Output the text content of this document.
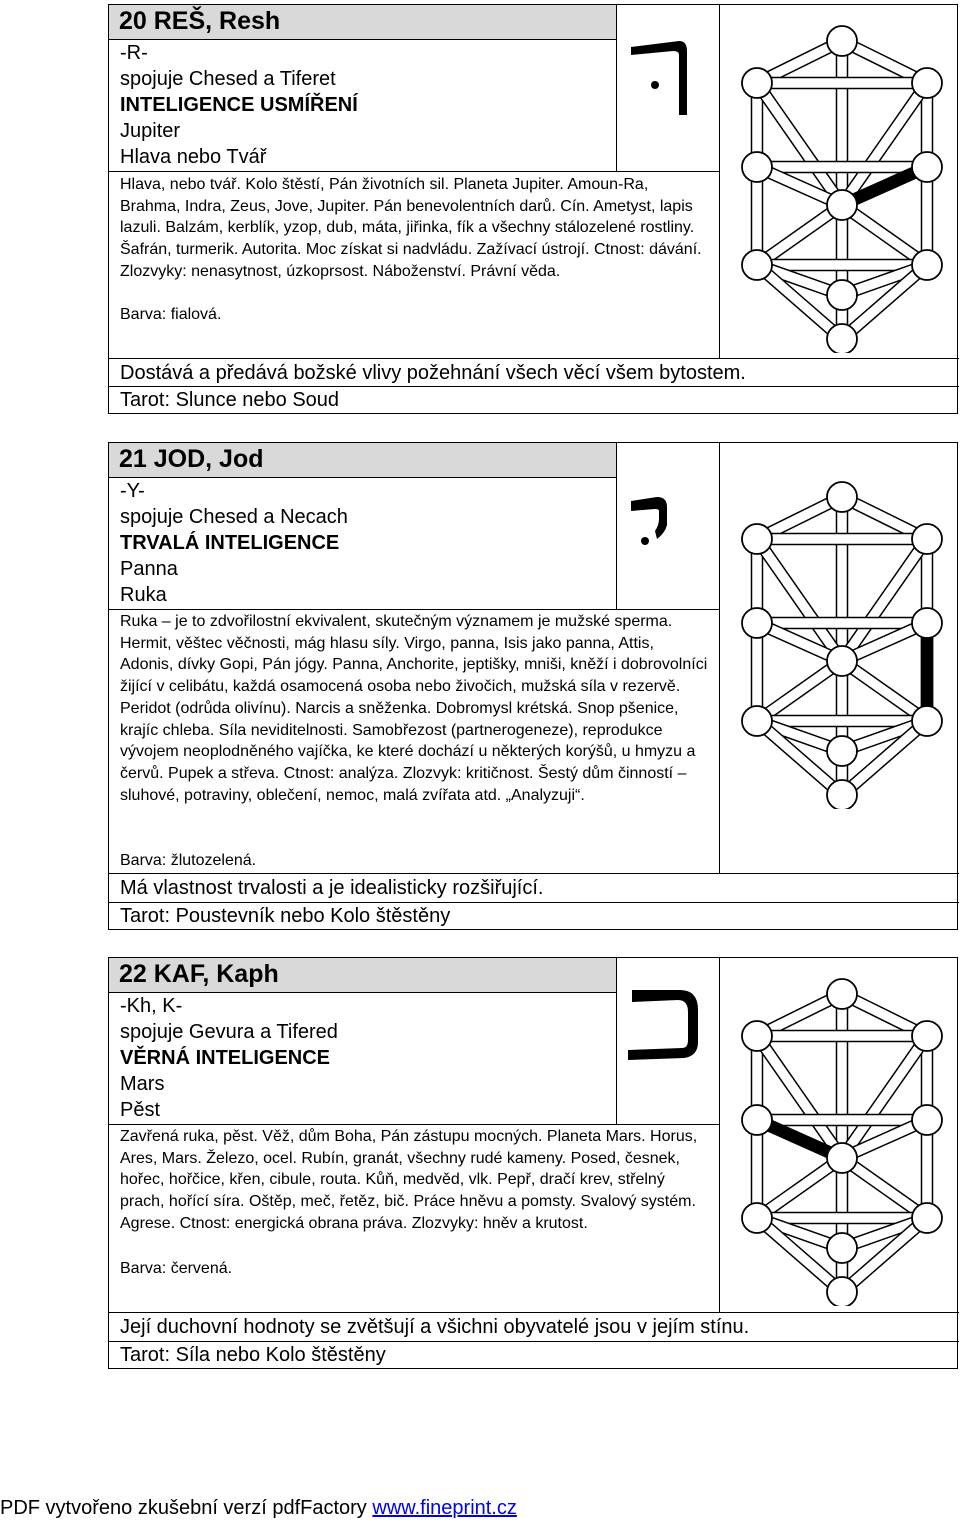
20 REŠ, Resh
-R-
spojuje Chesed a Tiferet
INTELIGENCE USMÍŘENÍ
Jupiter
Hlava nebo Tvář
Hlava, nebo tvář. Kolo štěstí, Pán životních sil. Planeta Jupiter. Amoun-Ra, Brahma, Indra, Zeus, Jove, Jupiter. Pán benevolentních darů. Cín. Ametyst, lapis lazuli. Balzám, kerblík, yzop, dub, máta, jiřinka, fík a všechny stálozelené rostliny. Šafrán, turmerik. Autorita. Moc získat si nadvládu. Zažívací ústrojí. Ctnost: dávání. Zlozvyky: nenasytnost, úzkoprsost. Náboženství. Právní věda.
Barva: fialová.
Dostává a předává božské vlivy požehnání všech věcí všem bytostem.
Tarot: Slunce nebo Soud
21 JOD, Jod
-Y-
spojuje Chesed a Necach
TRVALÁ INTELIGENCE
Panna
Ruka
Ruka – je to zdvořilostní ekvivalent, skutečným významem je mužské sperma. Hermit, věštec věčnosti, mág hlasu síly. Virgo, panna, Isis jako panna, Attis, Adonis, dívky Gopi, Pán jógy. Panna, Anchorite, jeptišky, mniši, kněží i dobrovolníci žijící v celibátu, každá osamocená osoba nebo živočich, mužská síla v rezervě. Peridot (odrůda olivínu). Narcis a sněženka. Dobromysl krétská. Snop pšenice, krajíc chleba. Síla neviditelnosti. Samobřezost (partnerogeneze), reprodukce vývojem neoplodněného vajíčka, ke které dochází u některých korýšů, u hmyzu a červů. Pupek a střeva. Ctnost: analýza. Zlozvyk: kritičnost. Šestý dům činností – sluhové, potraviny, oblečení, nemoc, malá zvířata atd. „Analyzuji“.
Barva: žlutozelená.
Má vlastnost trvalosti a je idealisticky rozšiřující.
Tarot: Poustevník nebo Kolo štěstěny
22 KAF, Kaph
-Kh, K-
spojuje Gevura a Tifered
VĚRNÁ INTELIGENCE
Mars
Pěst
Zavřená ruka, pěst. Věž, dům Boha, Pán zástupu mocných. Planeta Mars. Horus, Ares, Mars. Železo, ocel. Rubín, granát, všechny rudé kameny. Posed, česnek, hořec, hořčice, křen, cibule, routa. Kůň, medvěd, vlk. Pepř, dračí krev, střelný prach, hořící síra. Oštěp, meč, řetěz, bič. Práce hněvu a pomsty. Svalový systém. Agrese. Ctnost: energická obrana práva. Zlozvyky: hněv a krutost.
Barva: červená.
Její duchovní hodnoty se zvětšují a všichni obyvatelé jsou v jejím stínu.
Tarot: Síla nebo Kolo štěstěny
PDF vytvořeno zkušební verzí pdfFactory www.fineprint.cz
